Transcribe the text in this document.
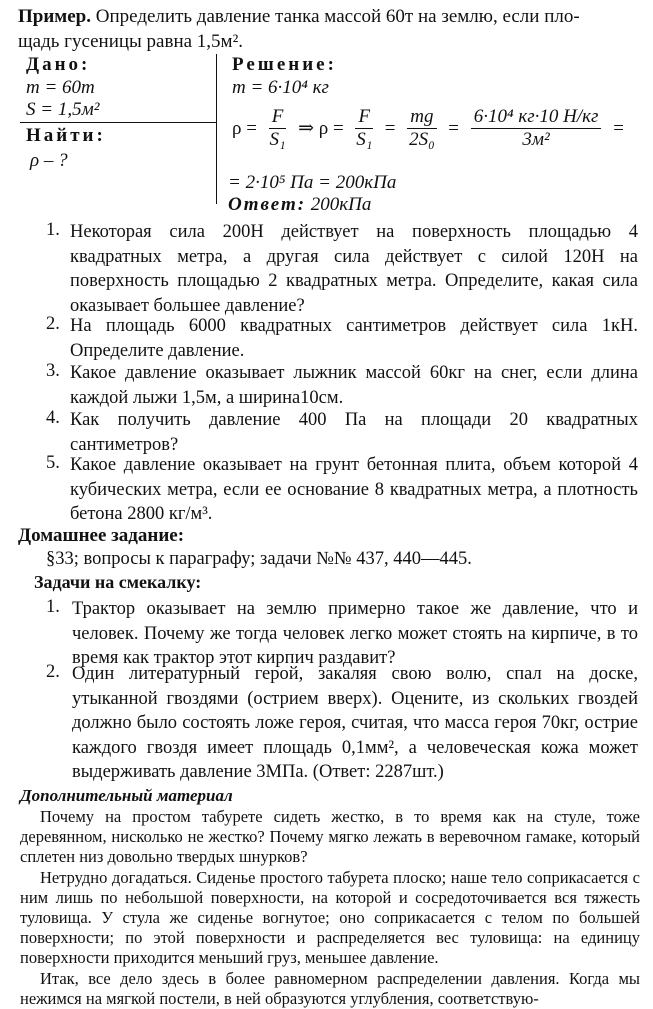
Пример. Определить давление танка массой 60т на землю, если пло-
щадь гусеницы равна 1,5м².
Дано:
m = 60т
S = 1,5м²
Найти:
ρ – ?
Решение:
m = 6·10⁴ кг
$\rho = \frac{F}{\text{S₁}}$ ⇒ $\rho = \frac{F}{\text{S₁}} = \frac{mg}{\text{2S₀}} = \frac{\text{6·10⁴ кг·10 Н/кг}}{\text{3м²}}$ =
= 2·10⁵ Па = 200кПа
Ответ: 200кПа
1. Некоторая сила 200Н действует на поверхность площадью 4 квадратных метра, а другая сила действует с силой 120Н на поверхность площадью 2 квадратных метра. Определите, какая сила оказывает большее давление?
2. На площадь 6000 квадратных сантиметров действует сила 1кН. Определите давление.
3. Какое давление оказывает лыжник массой 60кг на снег, если длина каждой лыжи 1,5м, а ширина10см.
4. Как получить давление 400 Па на площади 20 квадратных сантиметров?
5. Какое давление оказывает на грунт бетонная плита, объем которой 4 кубических метра, если ее основание 8 квадратных метра, а плотность бетона 2800 кг/м³.
Домашнее задание:
§33; вопросы к параграфу; задачи №№ 437, 440—445.
Задачи на смекалку:
1. Трактор оказывает на землю примерно такое же давление, что и человек. Почему же тогда человек легко может стоять на кирпиче, в то время как трактор этот кирпич раздавит?
2. Один литературный герой, закаляя свою волю, спал на доске, утыканной гвоздями (острием вверх). Оцените, из скольких гвоздей должно было состоять ложе героя, считая, что масса героя 70кг, острие каждого гвоздя имеет площадь 0,1мм², а человеческая кожа может выдерживать давление 3МПа. (Ответ: 2287шт.)
Дополнительный материал
Почему на простом табурете сидеть жестко, в то время как на стуле, тоже деревянном, нисколько не жестко? Почему мягко лежать в веревочном гамаке, который сплетен низ довольно твердых шнурков?
Нетрудно догадаться. Сиденье простого табурета плоско; наше тело соприкасается с ним лишь по небольшой поверхности, на которой и сосредоточивается вся тяжесть туловища. У стула же сиденье вогнутое; оно соприкасается с телом по большей поверхности; по этой поверхности и распределяется вес туловища: на единицу поверхности приходится меньший груз, меньшее давление.
Итак, все дело здесь в более равномерном распределении давления. Когда мы нежимся на мягкой постели, в ней образуются углубления, соответствую-
